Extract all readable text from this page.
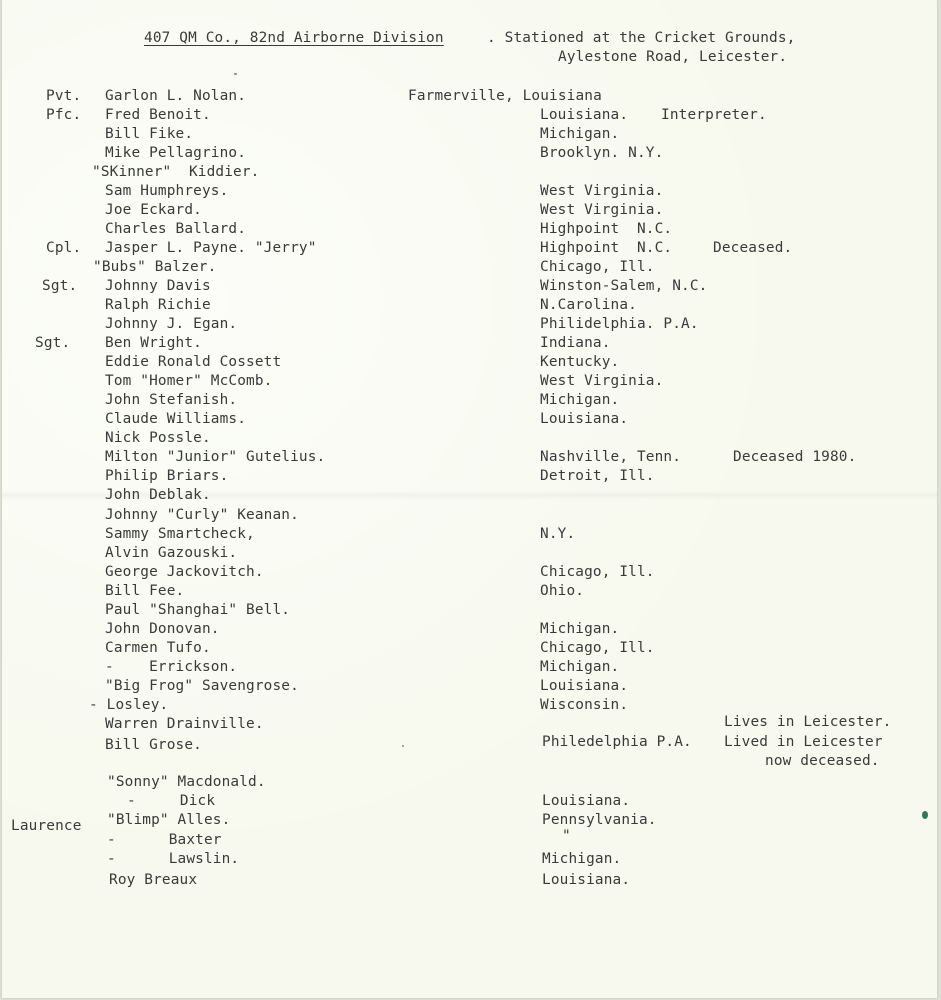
407 QM Co., 82nd Airborne Division	. Stationed at the Cricket Grounds,
Aylestone Road, Leicester.
Pvt. Garlon L. Nolan.	Farmerville, Louisiana
Pfc. Fred Benoit.	Louisiana. Interpreter.
Bill Fike.	Michigan.
Mike Pellagrino.	Brooklyn. N.Y.
"SKinner"  Kiddier.
Sam Humphreys.	West Virginia.
Joe Eckard.	West Virginia.
Charles Ballard.	Highpoint  N.C.
Cpl. Jasper L. Payne. "Jerry"	Highpoint  N.C.	Deceased.
"Bubs" Balzer.	Chicago, Ill.
Sgt. Johnny Davis	Winston-Salem, N.C.
Ralph Richie	N.Carolina.
Johnny J. Egan.	Philidelphia. P.A.
Sgt. Ben Wright.	Indiana.
Eddie Ronald Cossett	Kentucky.
Tom "Homer" McComb.	West Virginia.
John Stefanish.	Michigan.
Claude Williams.	Louisiana.
Nick Possle.
Milton "Junior" Gutelius.	Nashville, Tenn.	Deceased 1980.
Philip Briars.	Detroit, Ill.
John Deblak.
Johnny "Curly" Keanan.
Sammy Smartcheck,	N.Y.
Alvin Gazouski.
George Jackovitch.	Chicago, Ill.
Bill Fee.	Ohio.
Paul "Shanghai" Bell.
John Donovan.	Michigan.
Carmen Tufo.	Chicago, Ill.
-    Errickson.	Michigan.
"Big Frog" Savengrose.	Louisiana.
- Losley.	Wisconsin.
Warren Drainville.	Lives in Leicester.
Bill Grose.	Philedelphia P.A. Lived in Leicester
now deceased.
"Sonny" Macdonald.
-     Dick	Louisiana.
Laurence "Blimp" Alles.	Pennsylvania.
-      Baxter	"
-      Lawslin.	Michigan.
Roy Breaux	Louisiana.
